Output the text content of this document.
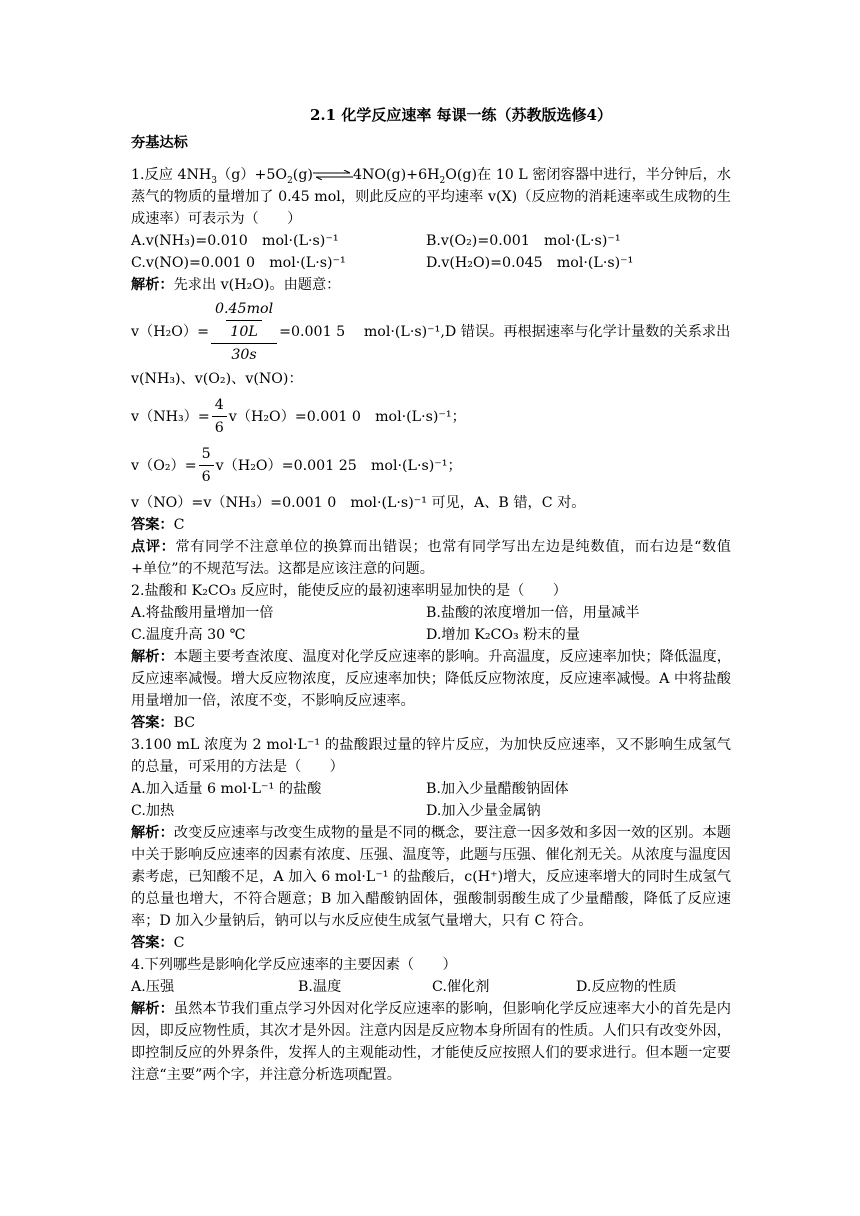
2.1 化学反应速率 每课一练（苏教版选修4）
夯基达标

1.反应 $4NH_3(g)+5O_2(g)\rightleftharpoons 4NO(g)+6H_2O(g)$在 10 L 密闭容器中进行，半分钟后，水蒸气的物质的量增加了 0.45 mol，则此反应的平均速率 v(X)（反应物的消耗速率或生成物的生成速率）可表示为（　　）

A.v(NH₃)=0.010　mol·(L·s)⁻¹	B.v(O₂)=0.001　mol·(L·s)⁻¹
C.v(NO)=0.001 0　mol·(L·s)⁻¹	D.v(H₂O)=0.045　mol·(L·s)⁻¹

解析：先求出 v(H₂O)。由题意：

v（H₂O）=
0.45mol
10L
30s
=0.001 5　 mol·(L·s)⁻¹,D 错误。再根据速率与化学计量数的关系求出

v(NH₃)、v(O₂)、v(NO)：

$v(NH_3)= \frac{4}{6} v(H_2O)=0.001$ 0　mol·(L·s)⁻¹；
$v(O_2)= \frac{5}{6} v(H_2O)=0.001$ 25　mol·(L·s)⁻¹；

v（NO）=v（NH₃）=0.001 0　mol·(L·s)⁻¹ 可见，A、B 错，C 对。

答案：C

点评：常有同学不注意单位的换算而出错误；也常有同学写出左边是纯数值，而右边是“数值+单位”的不规范写法。这都是应该注意的问题。

2.盐酸和 K₂CO₃ 反应时，能使反应的最初速率明显加快的是（　　）

A.将盐酸用量增加一倍	B.盐酸的浓度增加一倍，用量减半
C.温度升高 30 ℃	D.增加 K₂CO₃ 粉末的量

解析：本题主要考查浓度、温度对化学反应速率的影响。升高温度，反应速率加快；降低温度，反应速率减慢。增大反应物浓度，反应速率加快；降低反应物浓度，反应速率减慢。A 中将盐酸用量增加一倍，浓度不变，不影响反应速率。

答案：BC

3.100 mL 浓度为 2 mol·L⁻¹ 的盐酸跟过量的锌片反应，为加快反应速率，又不影响生成氢气的总量，可采用的方法是（　　）

A.加入适量 6 mol·L⁻¹ 的盐酸	B.加入少量醋酸钠固体
C.加热	D.加入少量金属钠

解析：改变反应速率与改变生成物的量是不同的概念，要注意一因多效和多因一效的区别。本题中关于影响反应速率的因素有浓度、压强、温度等，此题与压强、催化剂无关。从浓度与温度因素考虑，已知酸不足，A 加入 6 mol·L⁻¹ 的盐酸后，c(H⁺)增大，反应速率增大的同时生成氢气的总量也增大，不符合题意；B 加入醋酸钠固体，强酸制弱酸生成了少量醋酸，降低了反应速率；D 加入少量钠后，钠可以与水反应使生成氢气量增大，只有 C 符合。

答案：C

4.下列哪些是影响化学反应速率的主要因素（　　）

A.压强	B.温度	C.催化剂	D.反应物的性质

解析：虽然本节我们重点学习外因对化学反应速率的影响，但影响化学反应速率大小的首先是内因，即反应物性质，其次才是外因。注意内因是反应物本身所固有的性质。人们只有改变外因，即控制反应的外界条件，发挥人的主观能动性，才能使反应按照人们的要求进行。但本题一定要注意“主要”两个字，并注意分析选项配置。
